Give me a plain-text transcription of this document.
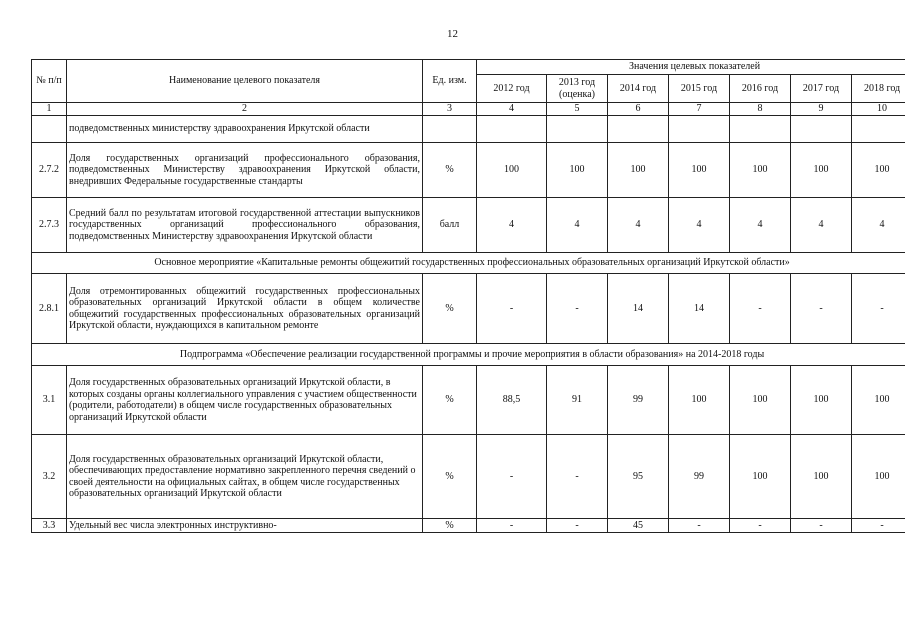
12
№ п/п	Наименование целевого показателя	Ед. изм.	Значения целевых показателей						
			2012 год	2013 год (оценка)	2014 год	2015 год	2016 год	2017 год	2018 год
1	2	3	4	5	6	7	8	9	10
	подведомственных министерству здравоохранения Иркутской области								
2.7.2	Доля государственных организаций профессионального образования, подведомственных Министерству здравоохранения Иркутской области, внедривших Федеральные государственные стандарты	%	100	100	100	100	100	100	100
2.7.3	Средний балл по результатам итоговой государственной аттестации выпускников государственных организаций профессионального образования, подведомственных Министерству здравоохранения Иркутской области	балл	4	4	4	4	4	4	4
Основное мероприятие «Капитальные ремонты общежитий государственных профессиональных образовательных организаций Иркутской области»									
2.8.1	Доля отремонтированных общежитий государственных профессиональных образовательных организаций Иркутской области в общем количестве общежитий государственных профессиональных образовательных организаций Иркутской области, нуждающихся в капитальном ремонте	%	-	-	14	14	-	-	-
Подпрограмма «Обеспечение реализации государственной программы и прочие мероприятия в области образования» на 2014-2018 годы									
3.1	Доля государственных образовательных организаций Иркутской области, в которых созданы органы коллегиального управления с участием общественности (родители, работодатели) в общем числе государственных образовательных организаций Иркутской области	%	88,5	91	99	100	100	100	100
3.2	Доля государственных образовательных организаций Иркутской области, обеспечивающих предоставление нормативно закрепленного перечня сведений о своей деятельности на официальных сайтах, в общем числе государственных образовательных организаций Иркутской области	%	-	-	95	99	100	100	100
3.3	Удельный вес числа электронных инструктивно-	%	-	-	45	-	-	-	-
